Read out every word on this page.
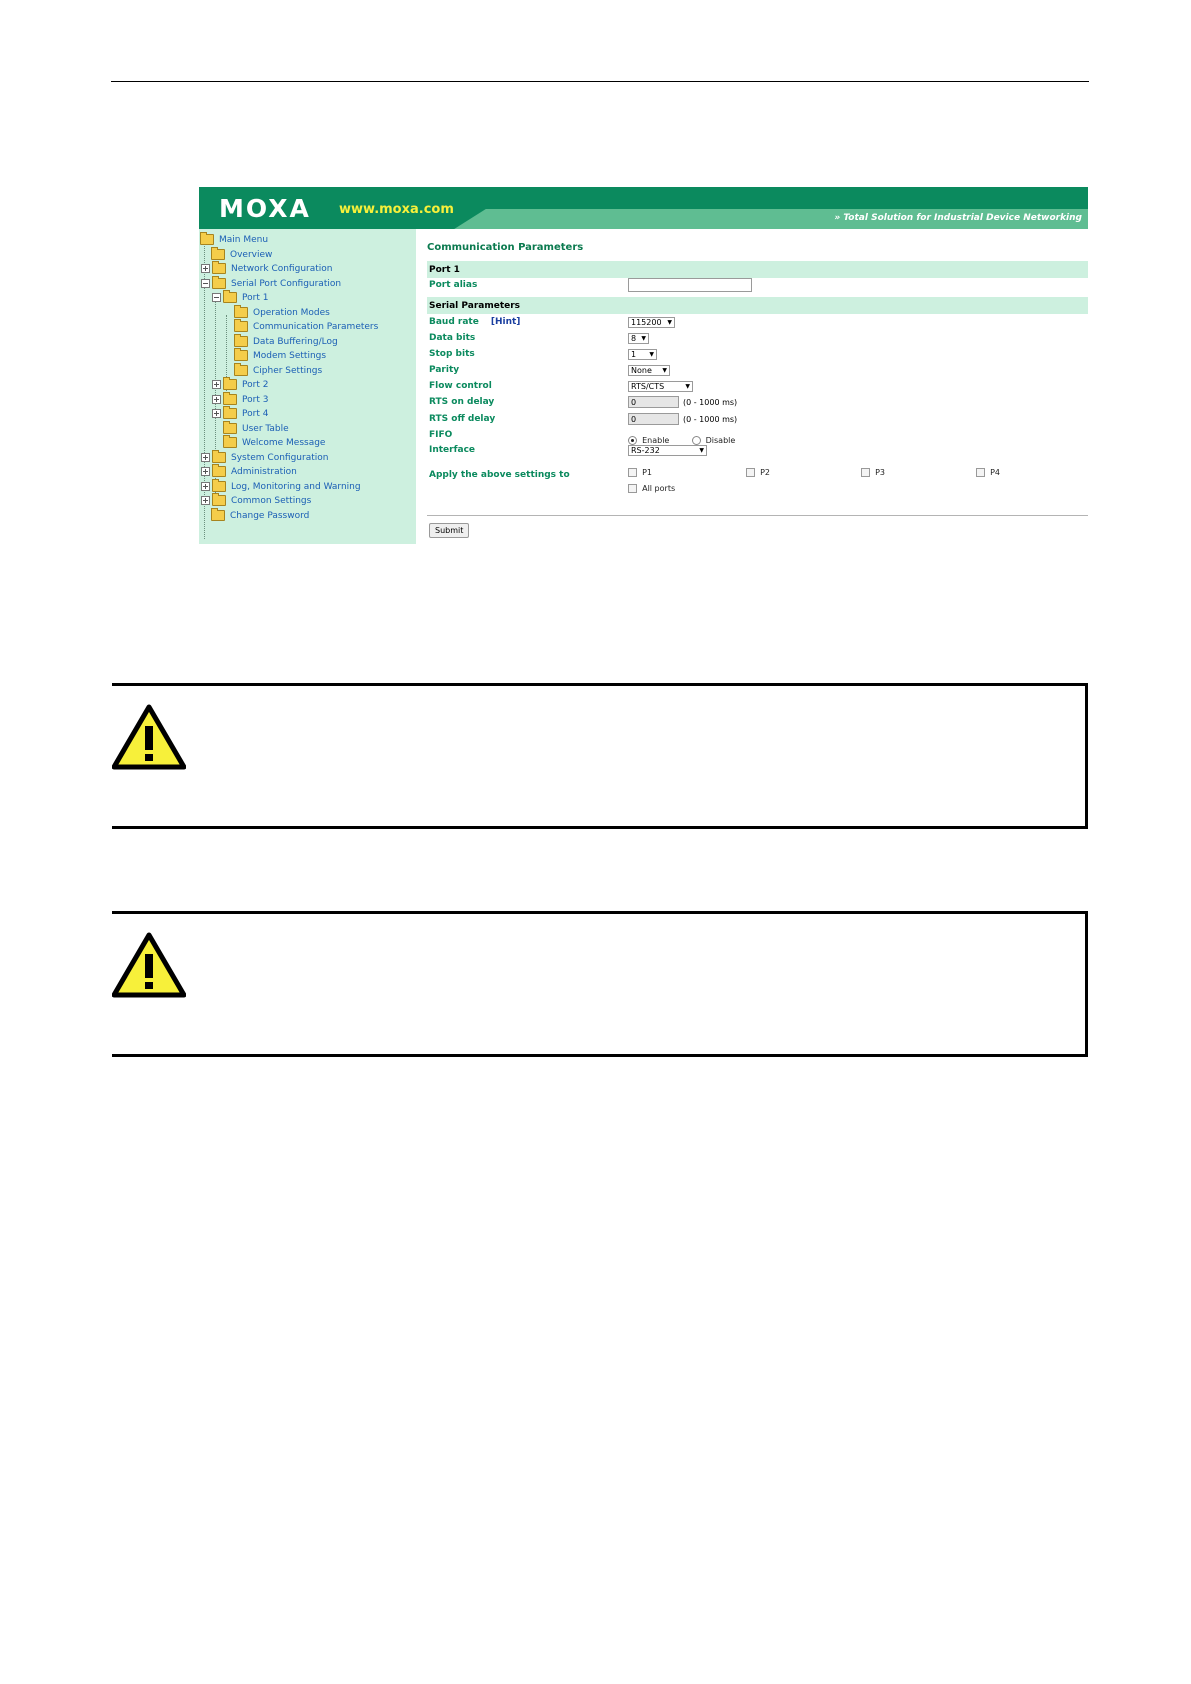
MOXA www.moxa.com
» Total Solution for Industrial Device Networking
Main Menu
Overview
Network Configuration
Serial Port Configuration
Port 1
Operation Modes
Communication Parameters
Data Buffering/Log
Modem Settings
Cipher Settings
Port 2
Port 3
Port 4
User Table
Welcome Message
System Configuration
Administration
Log, Monitoring and Warning
Common Settings
Change Password
Communication Parameters
Port 1
Port alias
Serial Parameters
Baud rate [Hint]	115200 ▼
Data bits	8 ▼
Stop bits	1 ▼
Parity	None ▼
Flow control	RTS/CTS	▼
RTS on delay	0	(0 - 1000 ms)
RTS off delay	0	(0 - 1000 ms)
FIFO
Enable	Disable
Interface	RS-232	▼
Apply the above settings to	P1	P2	P3	P4
All ports
Submit
